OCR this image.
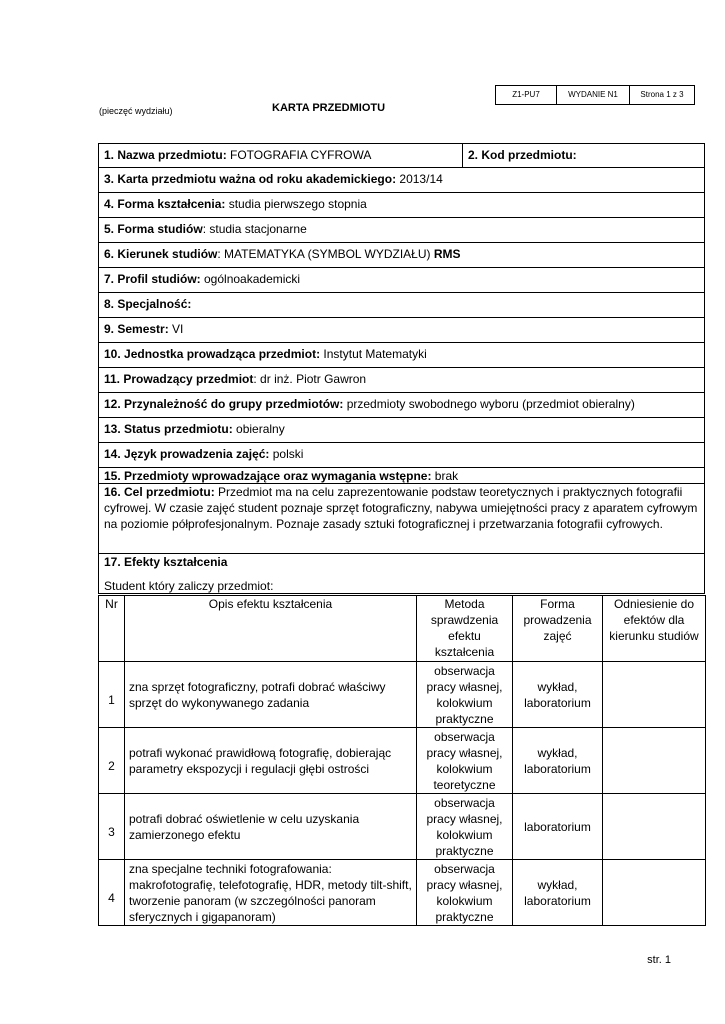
Z1-PU7	WYDANIE N1	Strona 1 z 3
(pieczęć wydziału)	KARTA PRZEDMIOTU
1. Nazwa przedmiotu: FOTOGRAFIA CYFROWA	2. Kod przedmiotu:
3. Karta przedmiotu ważna od roku akademickiego: 2013/14
4. Forma kształcenia: studia pierwszego stopnia
5. Forma studiów: studia stacjonarne
6. Kierunek studiów: MATEMATYKA (SYMBOL WYDZIAŁU) RMS
7. Profil studiów: ogólnoakademicki
8. Specjalność:
9. Semestr: VI
10. Jednostka prowadząca przedmiot: Instytut Matematyki
11. Prowadzący przedmiot: dr inż. Piotr Gawron
12. Przynależność do grupy przedmiotów: przedmioty swobodnego wyboru (przedmiot obieralny)
13. Status przedmiotu: obieralny
14. Język prowadzenia zajęć: polski
15. Przedmioty wprowadzające oraz wymagania wstępne: brak
16. Cel przedmiotu: Przedmiot ma na celu zaprezentowanie podstaw teoretycznych i praktycznych fotografii cyfrowej. W czasie zajęć student poznaje sprzęt fotograficzny, nabywa umiejętności pracy z aparatem cyfrowym na poziomie półprofesjonalnym. Poznaje zasady sztuki fotograficznej i przetwarzania fotografii cyfrowych.
17. Efekty kształcenia
Student który zaliczy przedmiot:
Nr	Opis efektu kształcenia	Metoda sprawdzenia efektu kształcenia	Forma prowadzenia zajęć	Odniesienie do efektów dla kierunku studiów
1	zna sprzęt fotograficzny, potrafi dobrać właściwy sprzęt do wykonywanego zadania	obserwacja pracy własnej, kolokwium praktyczne	wykład, laboratorium	
2	potrafi wykonać prawidłową fotografię, dobierając parametry ekspozycji i regulacji głębi ostrości	obserwacja pracy własnej, kolokwium teoretyczne	wykład, laboratorium	
3	potrafi dobrać oświetlenie w celu uzyskania zamierzonego efektu	obserwacja pracy własnej, kolokwium praktyczne	laboratorium	
4	zna specjalne techniki fotografowania: makrofotografię, telefotografię, HDR, metody tilt-shift, tworzenie panoram (w szczególności panoram sferycznych i gigapanoram)	obserwacja pracy własnej, kolokwium praktyczne	wykład, laboratorium	
str. 1
